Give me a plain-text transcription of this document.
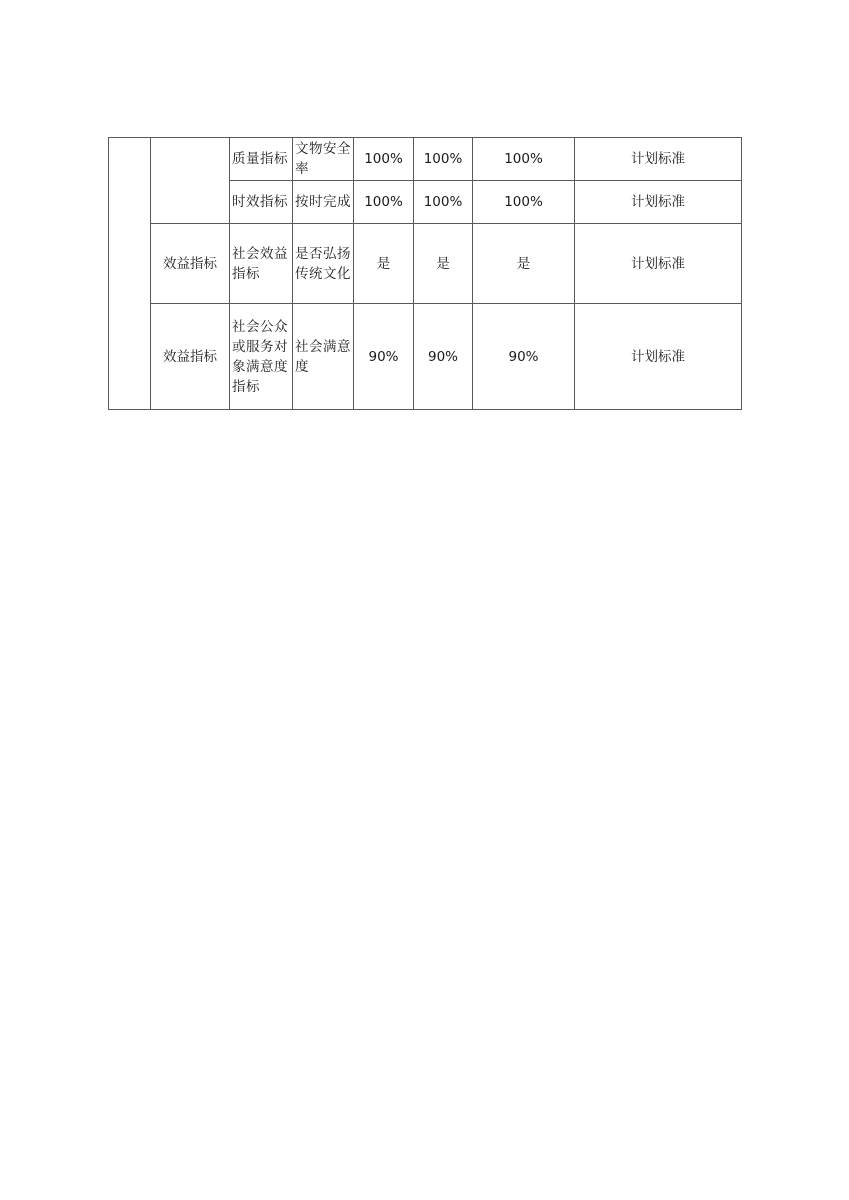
		质量指标	文物安全率	100%	100%	100%	计划标准
		时效指标	按时完成	100%	100%	100%	计划标准
	效益指标	社会效益指标	是否弘扬传统文化	是	是	是	计划标准
	效益指标	社会公众或服务对象满意度指标	社会满意度	90%	90%	90%	计划标准
